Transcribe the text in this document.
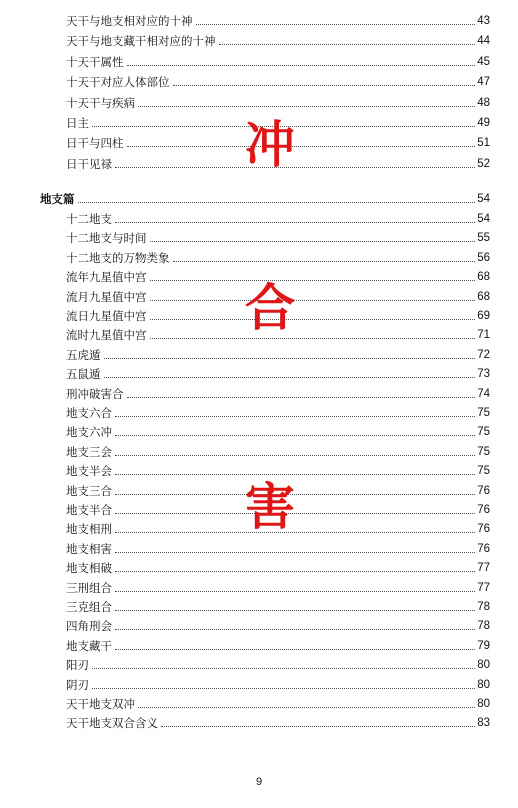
天干与地支相对应的十神	43
天干与地支藏干相对应的十神	44
十天干属性	45
十天干对应人体部位	47
十天干与疾病	48
日主	49
日干与四柱	51
日干见禄	52
地支篇	54
十二地支	54
十二地支与时间	55
十二地支的万物类象	56
流年九星值中宫	68
流月九星值中宫	68
流日九星值中宫	69
流时九星值中宫	71
五虎遁	72
五鼠遁	73
刑冲破害合	74
地支六合	75
地支六冲	75
地支三会	75
地支半会	75
地支三合	76
地支半合	76
地支相刑	76
地支相害	76
地支相破	77
三刑组合	77
三克组合	78
四角刑会	78
地支藏干	79
阳刃	80
阴刃	80
天干地支双冲	80
天干地支双合含义	83
冲
合
害
9
